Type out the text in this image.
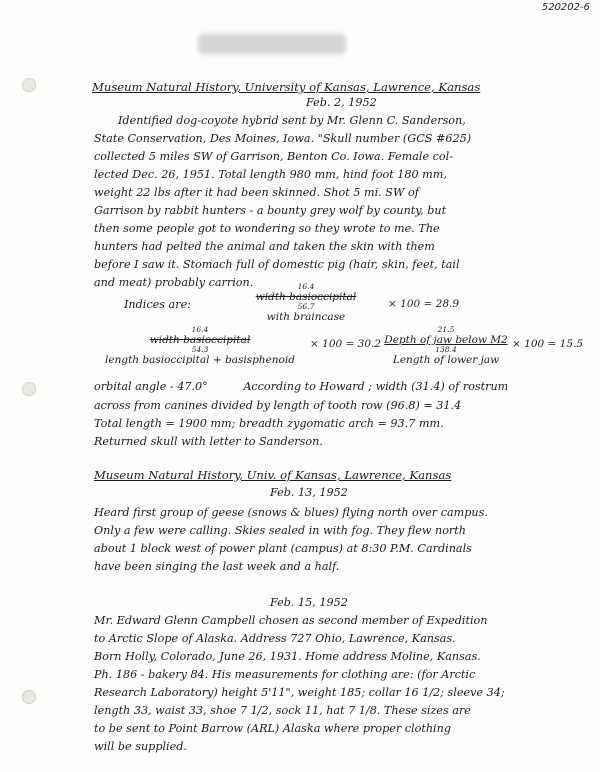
520202-6

Museum Natural History, University of Kansas, Lawrence, Kansas

Feb. 2, 1952

Identified dog-coyote hybrid sent by Mr. Glenn C. Sanderson,

State Conservation, Des Moines, Iowa. "Skull number (GCS #625)

collected 5 miles SW of Garrison, Benton Co. Iowa. Female col-

lected Dec. 26, 1951. Total length 980 mm, hind foot 180 mm,

weight 22 lbs after it had been skinned. Shot 5 mi. SW of

Garrison by rabbit hunters - a bounty grey wolf by county, but

then some people got to wondering so they wrote to me. The

hunters had pelted the animal and taken the skin with them

before I saw it. Stomach full of domestic pig (hair, skin, feet, tail

and meat) probably carrion.

Indices are:

16.4
width basioccipital
56.7
with braincase
× 100 = 28.9
16.4
width basioccipital
54.3
length basioccipital + basisphenoid
× 100 = 30.2
21.5
Depth of jaw below M2
138.4
Length of lower jaw
× 100 = 15.5

orbital angle - 47.0°          According to Howard ; width (31.4) of rostrum

across from canines divided by length of tooth row (96.8) = 31.4

Total length = 1900 mm; breadth zygomatic arch = 93.7 mm.

Returned skull with letter to Sanderson.

Museum Natural History, Univ. of Kansas, Lawrence, Kansas

Feb. 13, 1952

Heard first group of geese (snows & blues) flying north over campus.

Only a few were calling. Skies sealed in with fog. They flew north

about 1 block west of power plant (campus) at 8:30 P.M. Cardinals

have been singing the last week and a half.

Feb. 15, 1952

Mr. Edward Glenn Campbell chosen as second member of Expedition

to Arctic Slope of Alaska. Address 727 Ohio, Lawrence, Kansas.

Born Holly, Colorado, June 26, 1931. Home address Moline, Kansas.

Ph. 186 - bakery 84. His measurements for clothing are: (for Arctic

Research Laboratory) height 5'11", weight 185; collar 16 1/2; sleeve 34;

length 33, waist 33, shoe 7 1/2, sock 11, hat 7 1/8. These sizes are

to be sent to Point Barrow (ARL) Alaska where proper clothing

will be supplied.
